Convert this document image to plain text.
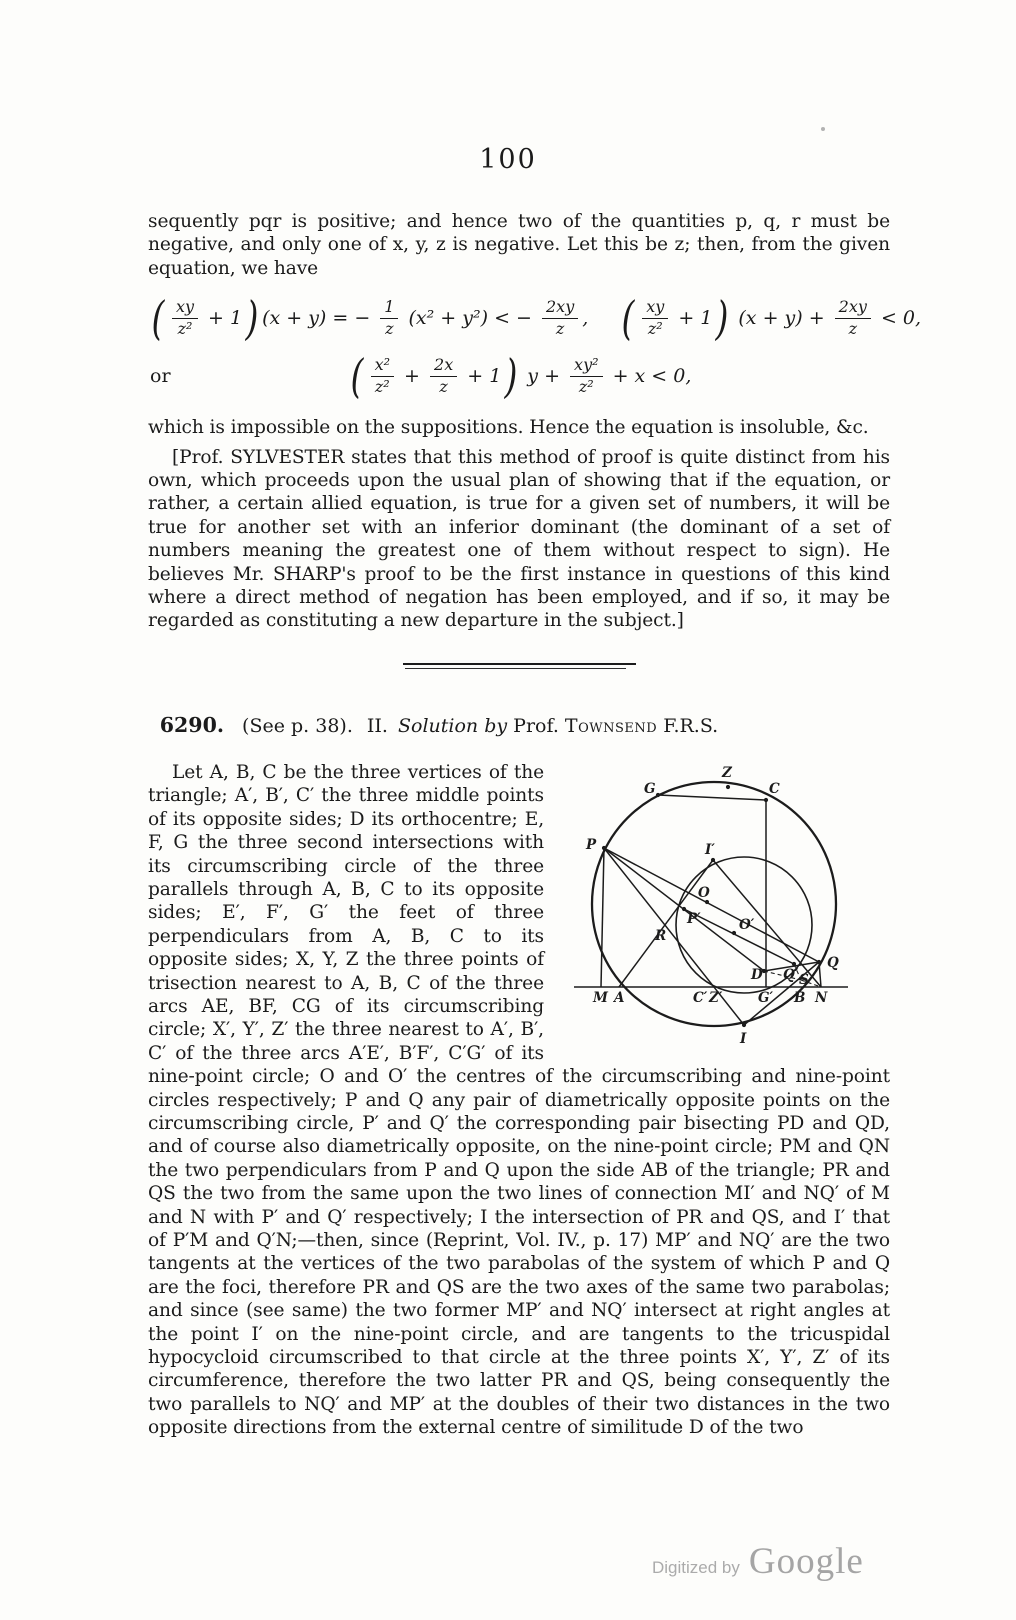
100

sequently pqr is positive; and hence two of the quantities p, q, r must be negative, and only one of x, y, z is negative. Let this be z; then, from the given equation, we have

( $\frac{xy}{\text{z²}} + 1$ ) (x + y) = − $\frac{1}{z} (x^2 + y^2)$ < − $\frac{2xy}{z}$ , ( $\frac{xy}{\text{z²}} + 1$ ) $(x + y) + \frac{2xy}{z} < 0$,
or	( $\frac{\text{x²}}{\text{z²}} + \frac{2x}{z} + 1$ ) $y + \frac{\text{xy²}}{\text{z²}} + x < 0$,

which is impossible on the suppositions. Hence the equation is insoluble, &c.

[Prof. SYLVESTER states that this method of proof is quite distinct from his own, which proceeds upon the usual plan of showing that if the equation, or rather, a certain allied equation, is true for a given set of numbers, it will be true for another set with an inferior dominant (the dominant of a set of numbers meaning the greatest one of them without respect to sign). He believes Mr. SHARP's proof to be the first instance in questions of this kind where a direct method of negation has been employed, and if so, it may be regarded as constituting a new departure in the subject.]

6290. (See p. 38). II. Solution by Prof. Townsend F.R.S.
Z
G	C
P	I′
O
P′
R
O′
D Q′ S
Q
M A	C′ Z′	G′ B N
I

Let A, B, C be the three vertices of the triangle; A′, B′, C′ the three middle points of its opposite sides; D its orthocentre; E, F, G the three second intersections with its circumscribing circle of the three parallels through A, B, C to its opposite sides; E′, F′, G′ the feet of three perpendiculars from A, B, C to its opposite sides; X, Y, Z the three points of trisection nearest to A, B, C of the three arcs AE, BF, CG of its circumscribing circle; X′, Y′, Z′ the three nearest to A′, B′, C′ of the three arcs A′E′, B′F′, C′G′ of its nine-point circle; O and O′ the centres of the circumscribing and nine-point circles respectively; P and Q any pair of diametrically opposite points on the circumscribing circle, P′ and Q′ the corresponding pair bisecting PD and QD, and of course also diametrically opposite, on the nine-point circle; PM and QN the two perpendiculars from P and Q upon the side AB of the triangle; PR and QS the two from the same upon the two lines of connection MI′ and NQ′ of M and N with P′ and Q′ respectively; I the intersection of PR and QS, and I′ that of P′M and Q′N;—then, since (Reprint, Vol. IV., p. 17) MP′ and NQ′ are the two tangents at the vertices of the two parabolas of the system of which P and Q are the foci, therefore PR and QS are the two axes of the same two parabolas; and since (see same) the two former MP′ and NQ′ intersect at right angles at the point I′ on the nine-point circle, and are tangents to the tricuspidal hypocycloid circumscribed to that circle at the three points X′, Y′, Z′ of its circumference, therefore the two latter PR and QS, being consequently the two parallels to NQ′ and MP′ at the doubles of their two distances in the two opposite directions from the external centre of similitude D of the two

Digitized by Google
